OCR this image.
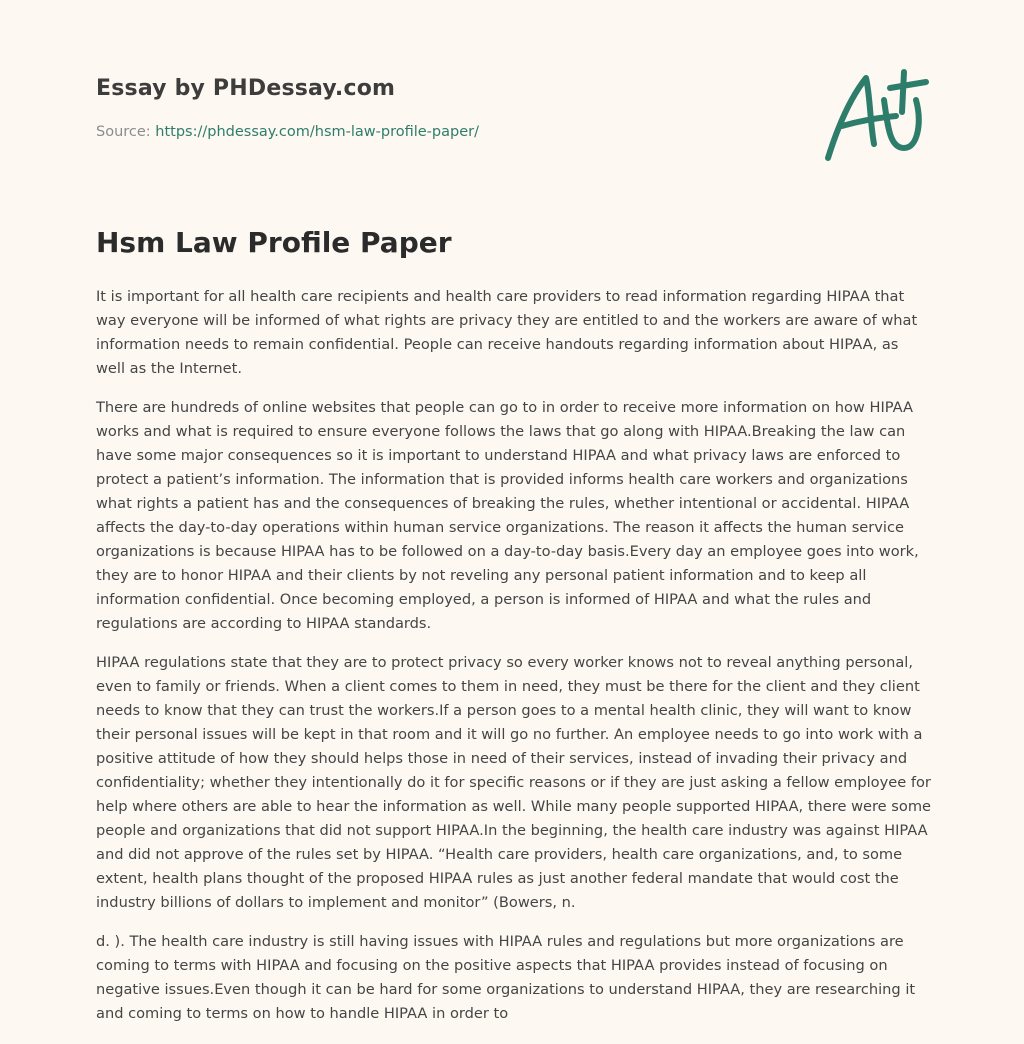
Essay by PHDessay.com
Source: https://phdessay.com/hsm-law-profile-paper/
Hsm Law Profile Paper

It is important for all health care recipients and health care providers to read information regarding HIPAA that way everyone will be informed of what rights are privacy they are entitled to and the workers are aware of what information needs to remain confidential. People can receive handouts regarding information about HIPAA, as well as the Internet.

There are hundreds of online websites that people can go to in order to receive more information on how HIPAA works and what is required to ensure everyone follows the laws that go along with HIPAA.Breaking the law can have some major consequences so it is important to understand HIPAA and what privacy laws are enforced to protect a patient’s information. The information that is provided informs health care workers and organizations what rights a patient has and the consequences of breaking the rules, whether intentional or accidental. HIPAA affects the day-to-day operations within human service organizations. The reason it affects the human service organizations is because HIPAA has to be followed on a day-to-day basis.Every day an employee goes into work, they are to honor HIPAA and their clients by not reveling any personal patient information and to keep all information confidential. Once becoming employed, a person is informed of HIPAA and what the rules and regulations are according to HIPAA standards.

HIPAA regulations state that they are to protect privacy so every worker knows not to reveal anything personal, even to family or friends. When a client comes to them in need, they must be there for the client and they client needs to know that they can trust the workers.If a person goes to a mental health clinic, they will want to know their personal issues will be kept in that room and it will go no further. An employee needs to go into work with a positive attitude of how they should helps those in need of their services, instead of invading their privacy and confidentiality; whether they intentionally do it for specific reasons or if they are just asking a fellow employee for help where others are able to hear the information as well. While many people supported HIPAA, there were some people and organizations that did not support HIPAA.In the beginning, the health care industry was against HIPAA and did not approve of the rules set by HIPAA. “Health care providers, health care organizations, and, to some extent, health plans thought of the proposed HIPAA rules as just another federal mandate that would cost the industry billions of dollars to implement and monitor” (Bowers, n.

d. ). The health care industry is still having issues with HIPAA rules and regulations but more organizations are coming to terms with HIPAA and focusing on the positive aspects that HIPAA provides instead of focusing on negative issues.Even though it can be hard for some organizations to understand HIPAA, they are researching it and coming to terms on how to handle HIPAA in order to
